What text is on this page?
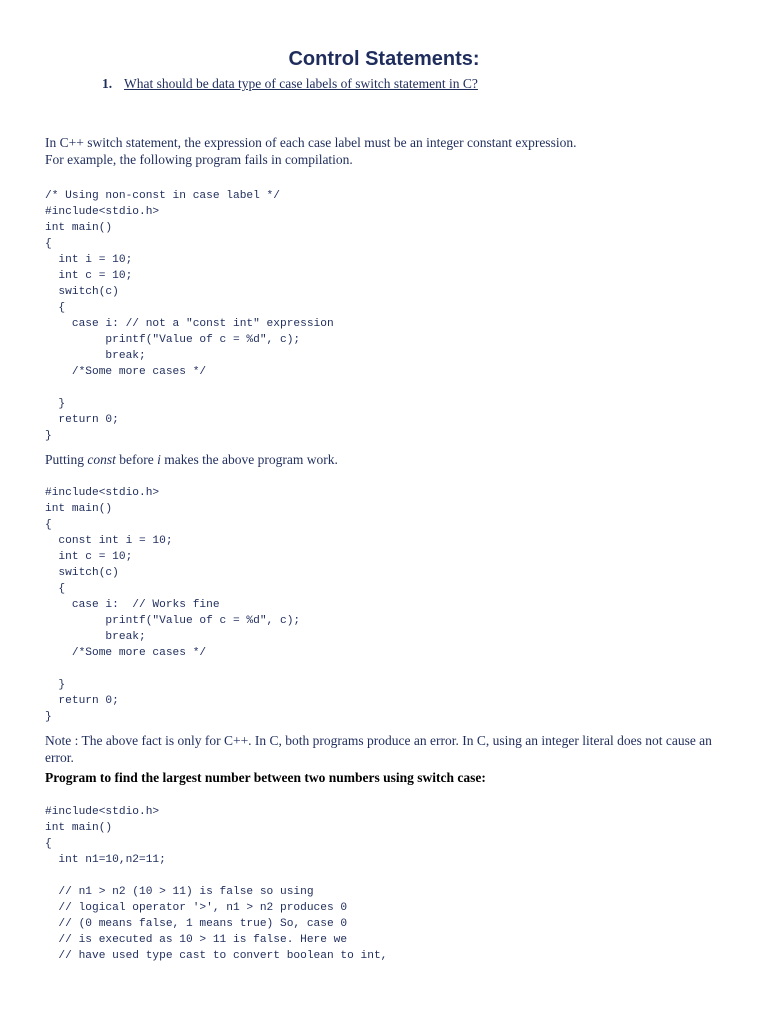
Control Statements:
1. What should be data type of case labels of switch statement in C?
In C++ switch statement, the expression of each case label must be an integer constant expression.
For example, the following program fails in compilation.
/* Using non-const in case label */
#include<stdio.h>
int main()
{
int i = 10;
int c = 10;
switch(c)
{
case i: // not a "const int" expression
printf("Value of c = %d", c);
break;
/*Some more cases */

}
return 0;
}
Putting const before i makes the above program work.
#include<stdio.h>
int main()
{
const int i = 10;
int c = 10;
switch(c)
{
case i:  // Works fine
printf("Value of c = %d", c);
break;
/*Some more cases */

}
return 0;
}
Note : The above fact is only for C++. In C, both programs produce an error. In C, using an integer literal does not cause an error.
Program to find the largest number between two numbers using switch case:
#include<stdio.h>
int main()
{
int n1=10,n2=11;

// n1 > n2 (10 > 11) is false so using
// logical operator '>', n1 > n2 produces 0
// (0 means false, 1 means true) So, case 0
// is executed as 10 > 11 is false. Here we
// have used type cast to convert boolean to int,
